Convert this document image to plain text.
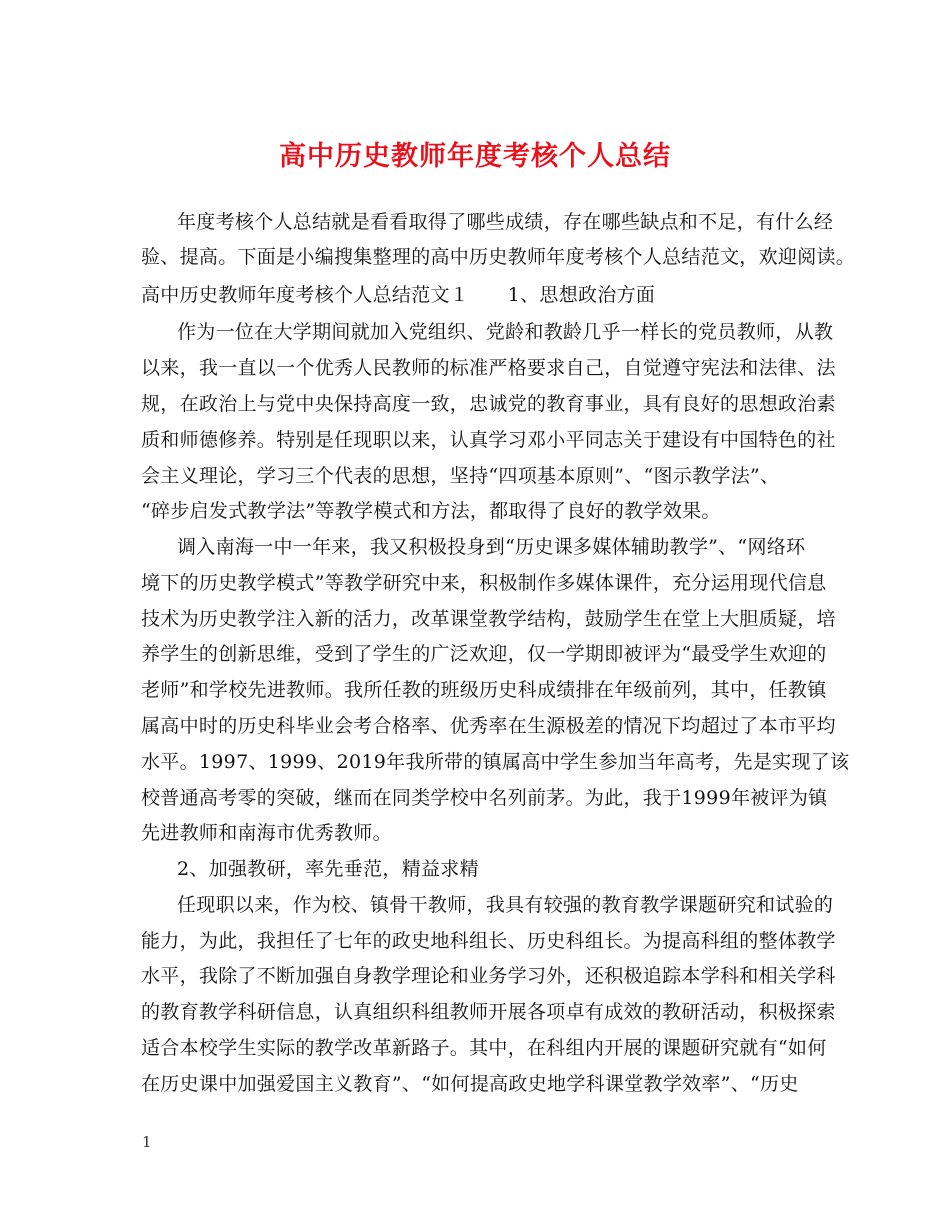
高中历史教师年度考核个人总结
年度考核个人总结就是看看取得了哪些成绩，存在哪些缺点和不足，有什么经
验、提高。下面是小编搜集整理的高中历史教师年度考核个人总结范文，欢迎阅读。
高中历史教师年度考核个人总结范文１　　1、思想政治方面
作为一位在大学期间就加入党组织、党龄和教龄几乎一样长的党员教师，从教
以来，我一直以一个优秀人民教师的标准严格要求自己，自觉遵守宪法和法律、法
规，在政治上与党中央保持高度一致，忠诚党的教育事业，具有良好的思想政治素
质和师德修养。特别是任现职以来，认真学习邓小平同志关于建设有中国特色的社
会主义理论，学习三个代表的思想，坚持“四项基本原则”、“图示教学法”、
“碎步启发式教学法”等教学模式和方法，都取得了良好的教学效果。
调入南海一中一年来，我又积极投身到“历史课多媒体辅助教学”、“网络环
境下的历史教学模式”等教学研究中来，积极制作多媒体课件，充分运用现代信息
技术为历史教学注入新的活力，改革课堂教学结构，鼓励学生在堂上大胆质疑，培
养学生的创新思维，受到了学生的广泛欢迎，仅一学期即被评为“最受学生欢迎的
老师”和学校先进教师。我所任教的班级历史科成绩排在年级前列，其中，任教镇
属高中时的历史科毕业会考合格率、优秀率在生源极差的情况下均超过了本市平均
水平。1997、1999、2019年我所带的镇属高中学生参加当年高考，先是实现了该
校普通高考零的突破，继而在同类学校中名列前茅。为此，我于1999年被评为镇
先进教师和南海市优秀教师。
2、加强教研，率先垂范，精益求精
任现职以来，作为校、镇骨干教师，我具有较强的教育教学课题研究和试验的
能力，为此，我担任了七年的政史地科组长、历史科组长。为提高科组的整体教学
水平，我除了不断加强自身教学理论和业务学习外，还积极追踪本学科和相关学科
的教育教学科研信息，认真组织科组教师开展各项卓有成效的教研活动，积极探索
适合本校学生实际的教学改革新路子。其中，在科组内开展的课题研究就有“如何
在历史课中加强爱国主义教育”、“如何提高政史地学科课堂教学效率”、“历史
1
